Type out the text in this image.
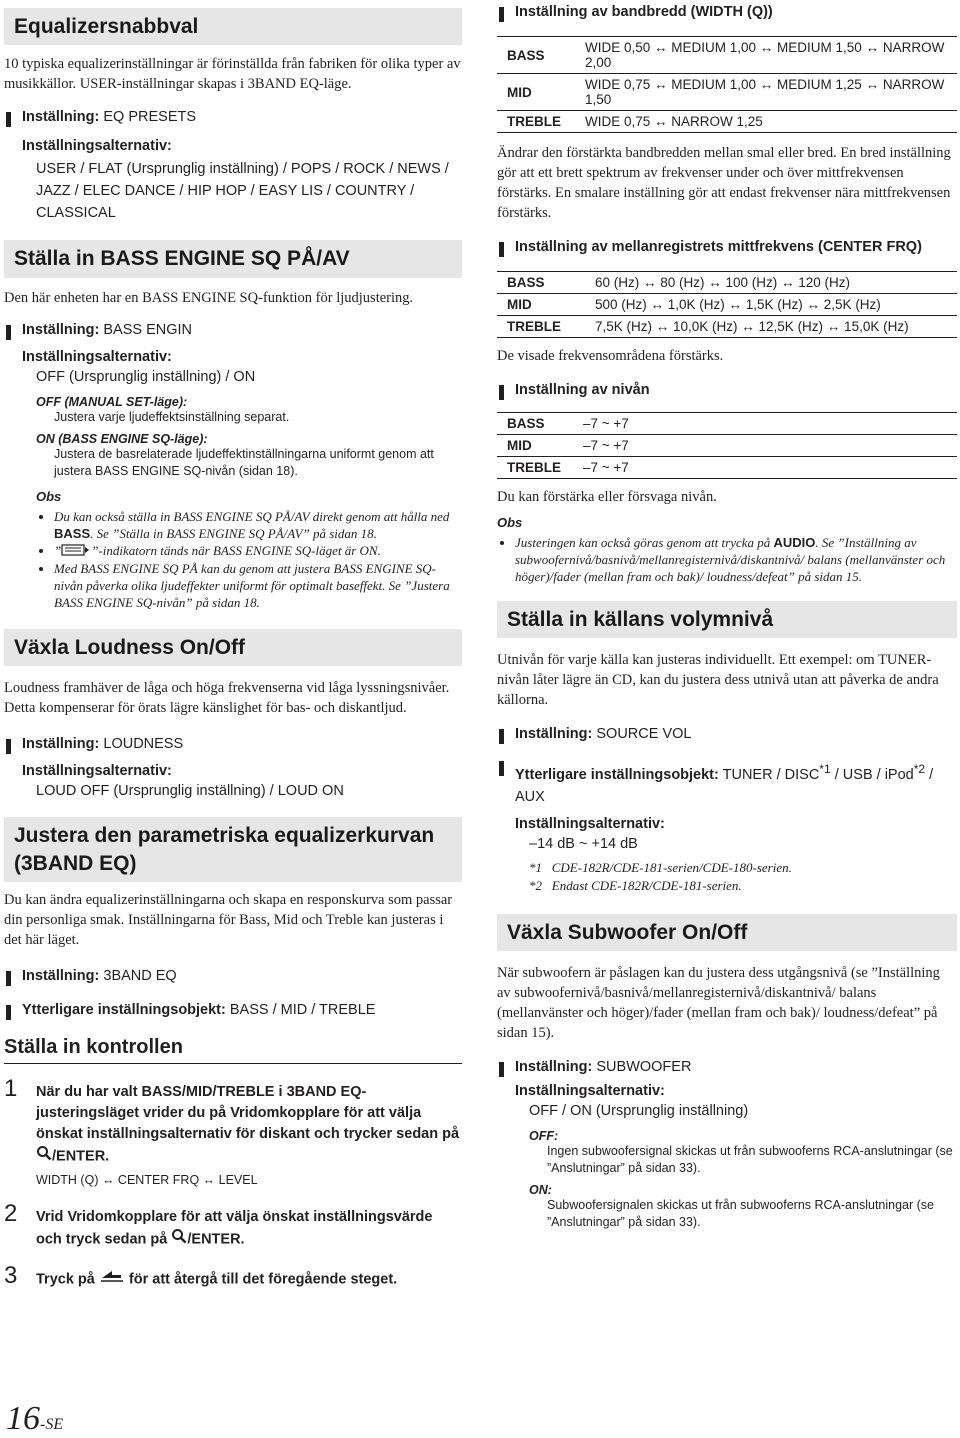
Equalizersnabbval
10 typiska equalizerinställningar är förinställda från fabriken för olika typer av musikkällor. USER-inställningar skapas i 3BAND EQ-läge.
Inställning: EQ PRESETS
Inställningsalternativ:
USER / FLAT (Ursprunglig inställning) / POPS / ROCK / NEWS / JAZZ / ELEC DANCE / HIP HOP / EASY LIS / COUNTRY / CLASSICAL
Ställa in BASS ENGINE SQ PÅ/AV
Den här enheten har en BASS ENGINE SQ-funktion för ljudjustering.
Inställning: BASS ENGIN
Inställningsalternativ:
OFF (Ursprunglig inställning) / ON
OFF (MANUAL SET-läge):
Justera varje ljudeffektsinställning separat.
ON (BASS ENGINE SQ-läge):
Justera de basrelaterade ljudeffektinställningarna uniformt genom att justera BASS ENGINE SQ-nivån (sidan 18).
Obs
• Du kan också ställa in BASS ENGINE SQ PÅ/AV direkt genom att hålla ned BASS. Se ”Ställa in BASS ENGINE SQ PÅ/AV” på sidan 18.
• ” ”-indikatorn tänds när BASS ENGINE SQ-läget är ON.
• Med BASS ENGINE SQ PÅ kan du genom att justera BASS ENGINE SQ-nivån påverka olika ljudeffekter uniformt för optimalt baseffekt. Se ”Justera BASS ENGINE SQ-nivån” på sidan 18.
Växla Loudness On/Off
Loudness framhäver de låga och höga frekvenserna vid låga lyssningsnivåer. Detta kompenserar för örats lägre känslighet för bas- och diskantljud.
Inställning: LOUDNESS
Inställningsalternativ:
LOUD OFF (Ursprunglig inställning) / LOUD ON
Justera den parametriska equalizerkurvan (3BAND EQ)
Du kan ändra equalizerinställningarna och skapa en responskurva som passar din personliga smak. Inställningarna för Bass, Mid och Treble kan justeras i det här läget.
Inställning: 3BAND EQ
Ytterligare inställningsobjekt: BASS / MID / TREBLE
Ställa in kontrollen
1 När du har valt BASS/MID/TREBLE i 3BAND EQ-justeringsläget vrider du på Vridomkopplare för att välja önskat inställningsalternativ för diskant och trycker sedan på /ENTER.
WIDTH (Q) ↔ CENTER FRQ ↔ LEVEL
2 Vrid Vridomkopplare för att välja önskat inställningsvärde och tryck sedan på /ENTER.
3 Tryck på  för att återgå till det föregående steget.
16-SE
Inställning av bandbredd (WIDTH (Q))
BASS	WIDE 0,50 ↔ MEDIUM 1,00 ↔ MEDIUM 1,50 ↔ NARROW 2,00
MID	WIDE 0,75 ↔ MEDIUM 1,00 ↔ MEDIUM 1,25 ↔ NARROW 1,50
TREBLE	WIDE 0,75 ↔ NARROW 1,25
Ändrar den förstärkta bandbredden mellan smal eller bred. En bred inställning gör att ett brett spektrum av frekvenser under och över mittfrekvensen förstärks. En smalare inställning gör att endast frekvenser nära mittfrekvensen förstärks.
Inställning av mellanregistrets mittfrekvens (CENTER FRQ)
BASS	60 (Hz) ↔ 80 (Hz) ↔ 100 (Hz) ↔ 120 (Hz)
MID	500 (Hz) ↔ 1,0K (Hz) ↔ 1,5K (Hz) ↔ 2,5K (Hz)
TREBLE	7,5K (Hz) ↔ 10,0K (Hz) ↔ 12,5K (Hz) ↔ 15,0K (Hz)
De visade frekvensområdena förstärks.
Inställning av nivån
BASS	–7 ~ +7
MID	–7 ~ +7
TREBLE	–7 ~ +7
Du kan förstärka eller försvaga nivån.
Obs
• Justeringen kan också göras genom att trycka på AUDIO. Se ”Inställning av subwoofernivå/basnivå/mellanregisternivå/diskantnivå/ balans (mellanvänster och höger)/fader (mellan fram och bak)/ loudness/defeat” på sidan 15.
Ställa in källans volymnivå
Utnivån för varje källa kan justeras individuellt. Ett exempel: om TUNER-nivån låter lägre än CD, kan du justera dess utnivå utan att påverka de andra källorna.
Inställning: SOURCE VOL
Ytterligare inställningsobjekt: TUNER / DISC$^{*1}$ / USB / iPod$^{*2}$ / AUX
Inställningsalternativ:
–14 dB ~ +14 dB
*1 CDE-182R/CDE-181-serien/CDE-180-serien.
*2 Endast CDE-182R/CDE-181-serien.
Växla Subwoofer On/Off
När subwoofern är påslagen kan du justera dess utgångsnivå (se ”Inställning av subwoofernivå/basnivå/mellanregisternivå/diskantnivå/ balans (mellanvänster och höger)/fader (mellan fram och bak)/ loudness/defeat” på sidan 15).
Inställning: SUBWOOFER
Inställningsalternativ:
OFF / ON (Ursprunglig inställning)
OFF:
Ingen subwoofersignal skickas ut från subwooferns RCA-anslutningar (se ”Anslutningar” på sidan 33).
ON:
Subwoofersignalen skickas ut från subwooferns RCA-anslutningar (se ”Anslutningar” på sidan 33).
